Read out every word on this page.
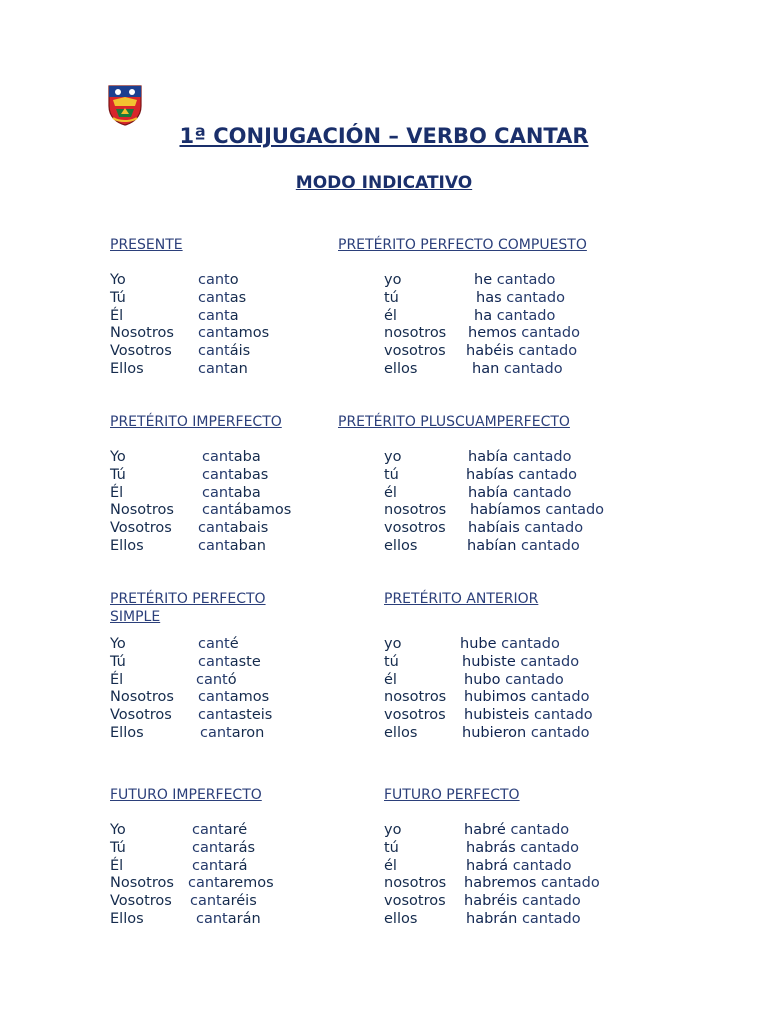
1ª CONJUGACIÓN – VERBO CANTAR
MODO INDICATIVO
PRESENTE
Yo	canto
Tú	cantas
Él	canta
Nosotros	cantamos
Vosotros	cantáis
Ellos	cantan
PRETÉRITO PERFECTO COMPUESTO
yo	he cantado
tú	has cantado
él	ha cantado
nosotros	hemos cantado
vosotros	habéis cantado
ellos	han cantado
PRETÉRITO IMPERFECTO
Yo	cantaba
Tú	cantabas
Él	cantaba
Nosotros	cantábamos
Vosotros	cantabais
Ellos	cantaban
PRETÉRITO PLUSCUAMPERFECTO
yo	había cantado
tú	habías cantado
él	había cantado
nosotros	habíamos cantado
vosotros	habíais cantado
ellos	habían cantado
PRETÉRITO PERFECTO
SIMPLE
Yo	canté
Tú	cantaste
Él	cantó
Nosotros	cantamos
Vosotros	cantasteis
Ellos	cantaron
PRETÉRITO ANTERIOR
yo	hube cantado
tú	hubiste cantado
él	hubo cantado
nosotros	hubimos cantado
vosotros	hubisteis cantado
ellos	hubieron cantado
FUTURO IMPERFECTO
Yo	cantaré
Tú	cantarás
Él	cantará
Nosotros cantaremos
Vosotros	cantaréis
Ellos	cantarán
FUTURO PERFECTO
yo	habré cantado
tú	habrás cantado
él	habrá cantado
nosotros	habremos cantado
vosotros	habréis cantado
ellos	habrán cantado
